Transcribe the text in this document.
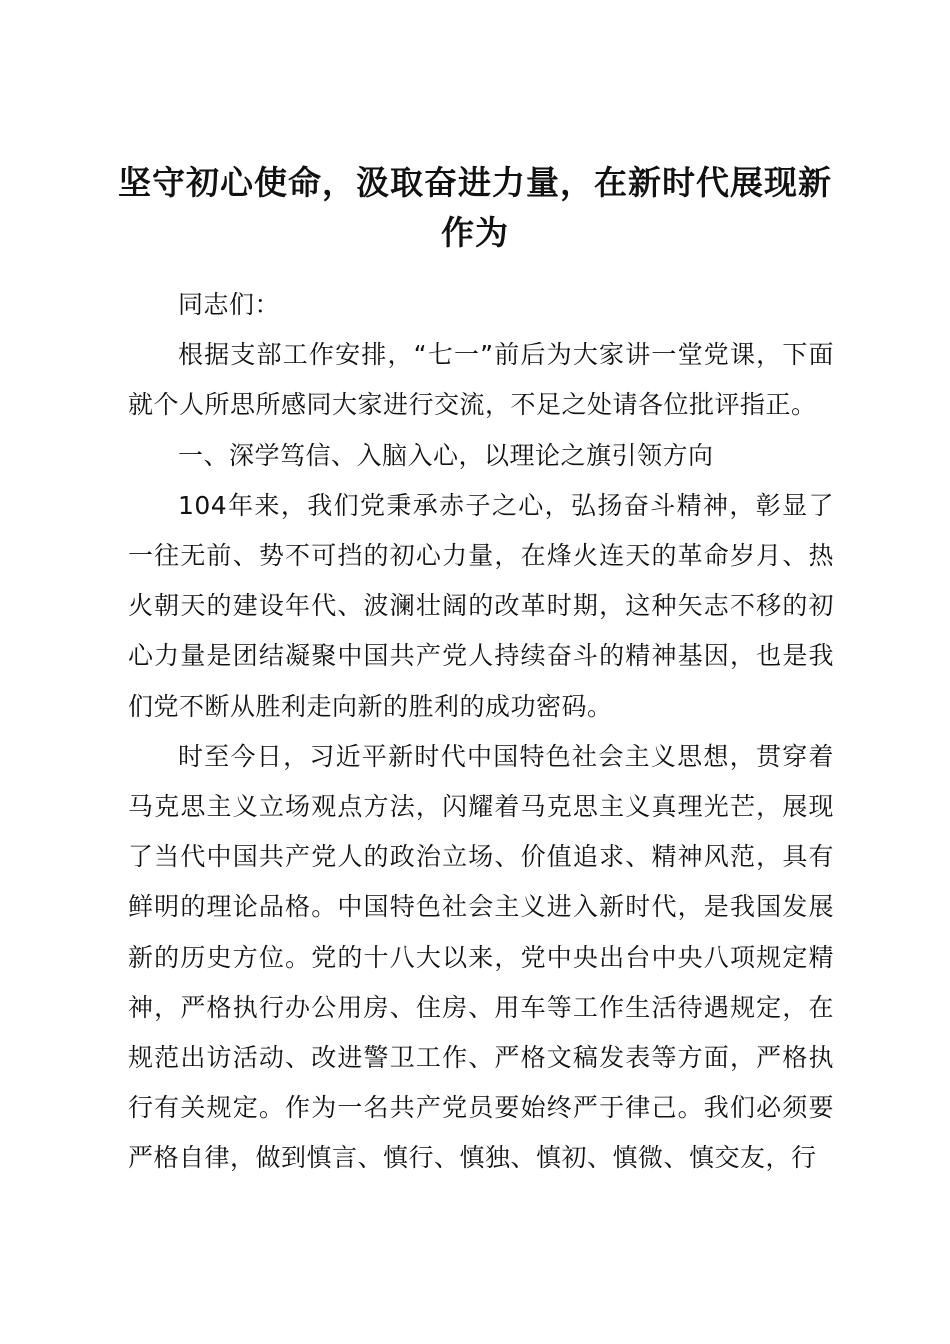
坚守初心使命，汲取奋进力量，在新时代展现新作为

同志们：

根据支部工作安排，“七一”前后为大家讲一堂党课，下面就个人所思所感同大家进行交流，不足之处请各位批评指正。

一、深学笃信、入脑入心，以理论之旗引领方向

104年来，我们党秉承赤子之心，弘扬奋斗精神，彰显了一往无前、势不可挡的初心力量，在烽火连天的革命岁月、热火朝天的建设年代、波澜壮阔的改革时期，这种矢志不移的初心力量是团结凝聚中国共产党人持续奋斗的精神基因，也是我们党不断从胜利走向新的胜利的成功密码。

时至今日，习近平新时代中国特色社会主义思想，贯穿着马克思主义立场观点方法，闪耀着马克思主义真理光芒，展现了当代中国共产党人的政治立场、价值追求、精神风范，具有鲜明的理论品格。中国特色社会主义进入新时代，是我国发展新的历史方位。党的十八大以来，党中央出台中央八项规定精神，严格执行办公用房、住房、用车等工作生活待遇规定，在规范出访活动、改进警卫工作、严格文稿发表等方面，严格执行有关规定。作为一名共产党员要始终严于律己。我们必须要严格自律，做到慎言、慎行、慎独、慎初、慎微、慎交友，行
